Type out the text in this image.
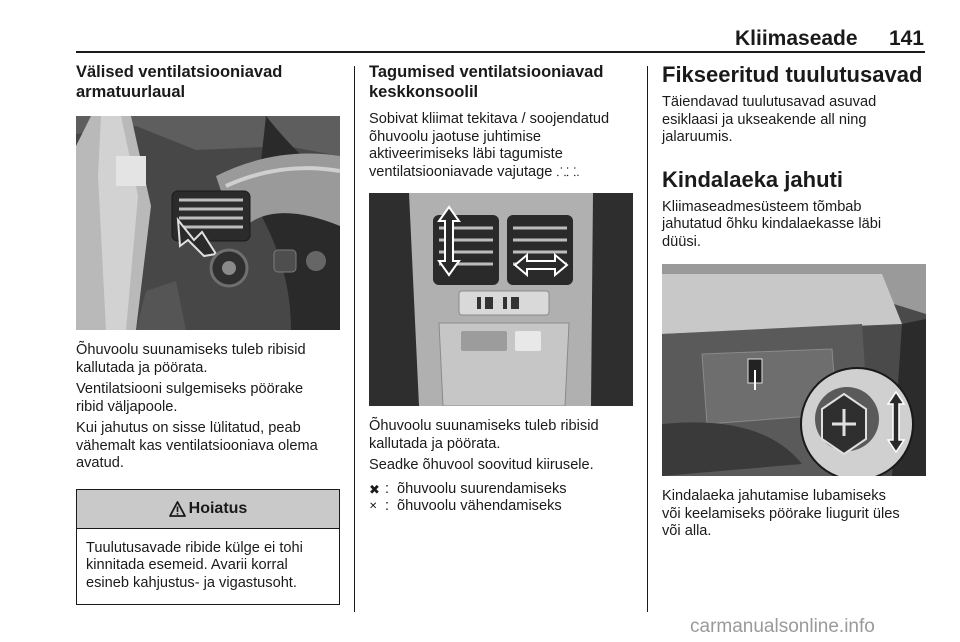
Kliimaseade	141
Välised ventilatsiooniavad
armatuurlaual

Õhuvoolu suunamiseks tuleb ribisid
kallutada ja pöörata.

Ventilatsiooni sulgemiseks pöörake
ribid väljapoole.

Kui jahutus on sisse lülitatud, peab
vähemalt kas ventilatsiooniava olema
avatud.

Hoiatus

Tuulutusavade ribide külge ei tohi
kinnitada esemeid. Avarii korral
esineb kahjustus- ja vigastusoht.

Tagumised ventilatsiooniavad
keskkonsoolil

Sobivat kliimat tekitava / soojendatud
õhuvoolu jaotuse juhtimise
aktiveerimiseks läbi tagumiste
ventilatsiooniavade vajutage ⸫⸬.

Õhuvoolu suunamiseks tuleb ribisid
kallutada ja pöörata.

Seadke õhuvool soovitud kiirusele.

✖ : õhuvoolu suurendamiseks
✕ : õhuvoolu vähendamiseks
Fikseeritud tuulutusavad

Täiendavad tuulutusavad asuvad
esiklaasi ja ukseakende all ning
jalaruumis.

Kindalaeka jahuti

Kliimaseadmesüsteem tõmbab
jahutatud õhku kindalaekasse läbi
düüsi.

Kindalaeka jahutamise lubamiseks
või keelamiseks pöörake liugurit üles
või alla.

carmanualsonline.info
